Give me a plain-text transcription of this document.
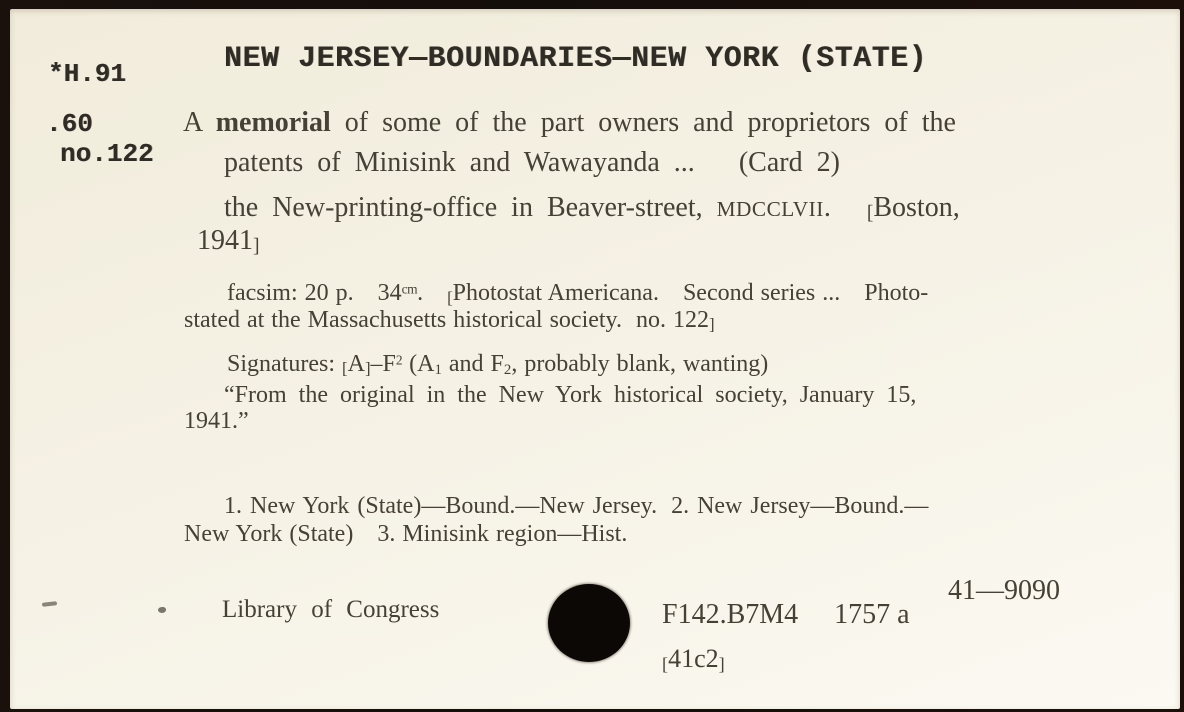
*H.91
.60
no.122
NEW JERSEY—BOUNDARIES—NEW YORK (STATE)
A memorial of some of the part owners and proprietors of the
patents of Minisink and Wawayanda ... (Card 2)
the New-printing-office in Beaver-street, MDCCLVII. [Boston,
1941]
facsim: 20 p. $34^{cm}$. [Photostat Americana. Second series ... Photo-
stated at the Massachusetts historical society. no. 122]
Signatures: $[A]-F^2$ (A1 and F2, probably blank, wanting)
“From the original in the New York historical society, January 15,
1941.”
1. New York (State)—Bound.—New Jersey. 2. New Jersey—Bound.—
New York (State) 3. Minisink region—Hist.
Library of Congress	F142.B7M4 1757 a
41—9090
[41c2]
